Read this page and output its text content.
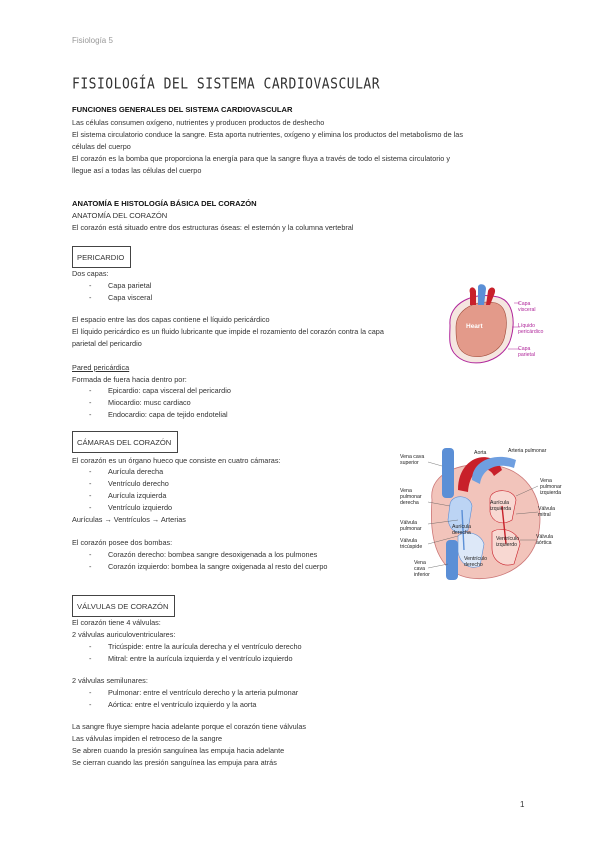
Fisiología 5
FISIOLOGÍA DEL SISTEMA CARDIOVASCULAR
FUNCIONES GENERALES DEL SISTEMA CARDIOVASCULAR
Las células consumen oxígeno, nutrientes y producen productos de deshecho
El sistema circulatorio conduce la sangre. Esta aporta nutrientes, oxígeno y elimina los productos del metabolismo de las
células del cuerpo
El corazón es la bomba que proporciona la energía para que la sangre fluya a través de todo el sistema circulatorio y
llegue así a todas las células del cuerpo
ANATOMÍA E HISTOLOGÍA BÁSICA DEL CORAZÓN
ANATOMÍA DEL CORAZÓN
El corazón está situado entre dos estructuras óseas: el esternón y la columna vertebral
PERICARDIO
Dos capas:
- Capa parietal
- Capa visceral
El espacio entre las dos capas contiene el líquido pericárdico
El líquido pericárdico es un fluido lubricante que impide el rozamiento del corazón contra la capa
parietal del pericardio
Pared pericárdica
Formada de fuera hacia dentro por:
- Epicardio: capa visceral del pericardio
- Miocardio: musc cardiaco
- Endocardio: capa de tejido endotelial
Heart
Capa
visceral
Líquido
pericárdico
Capa
parietal
CÁMARAS DEL CORAZÓN
El corazón es un órgano hueco que consiste en cuatro cámaras:
- Aurícula derecha
- Ventrículo derecho
- Aurícula izquierda
- Ventrículo izquierdo
Aurículas → Ventrículos → Arterias
El corazón posee dos bombas:
- Corazón derecho: bombea sangre desoxigenada a los pulmones
- Corazón izquierdo: bombea la sangre oxigenada al resto del cuerpo
Vena cava
superior
Aorta	Arteria pulmonar
Vena
pulmonar
derecha
Vena
pulmonar
izquierda
Aurícula
izquierda	Válvula
mitral
Válvula
pulmonar	Aurícula
derecha
Válvula
tricúspide
Ventrículo
izquierdo
Válvula
aórtica
Ventrículo
derecho
Vena
cava
inferior
VÁLVULAS DE CORAZÓN
El corazón tiene 4 válvulas:
2 válvulas auriculoventriculares:
- Tricúspide: entre la aurícula derecha y el ventrículo derecho
- Mitral: entre la aurícula izquierda y el ventrículo izquierdo
2 válvulas semilunares:
- Pulmonar: entre el ventrículo derecho y la arteria pulmonar
- Aórtica: entre el ventrículo izquierdo y la aorta
La sangre fluye siempre hacia adelante porque el corazón tiene válvulas
Las válvulas impiden el retroceso de la sangre
Se abren cuando la presión sanguínea las empuja hacia adelante
Se cierran cuando las presión sanguínea las empuja para atrás
1
